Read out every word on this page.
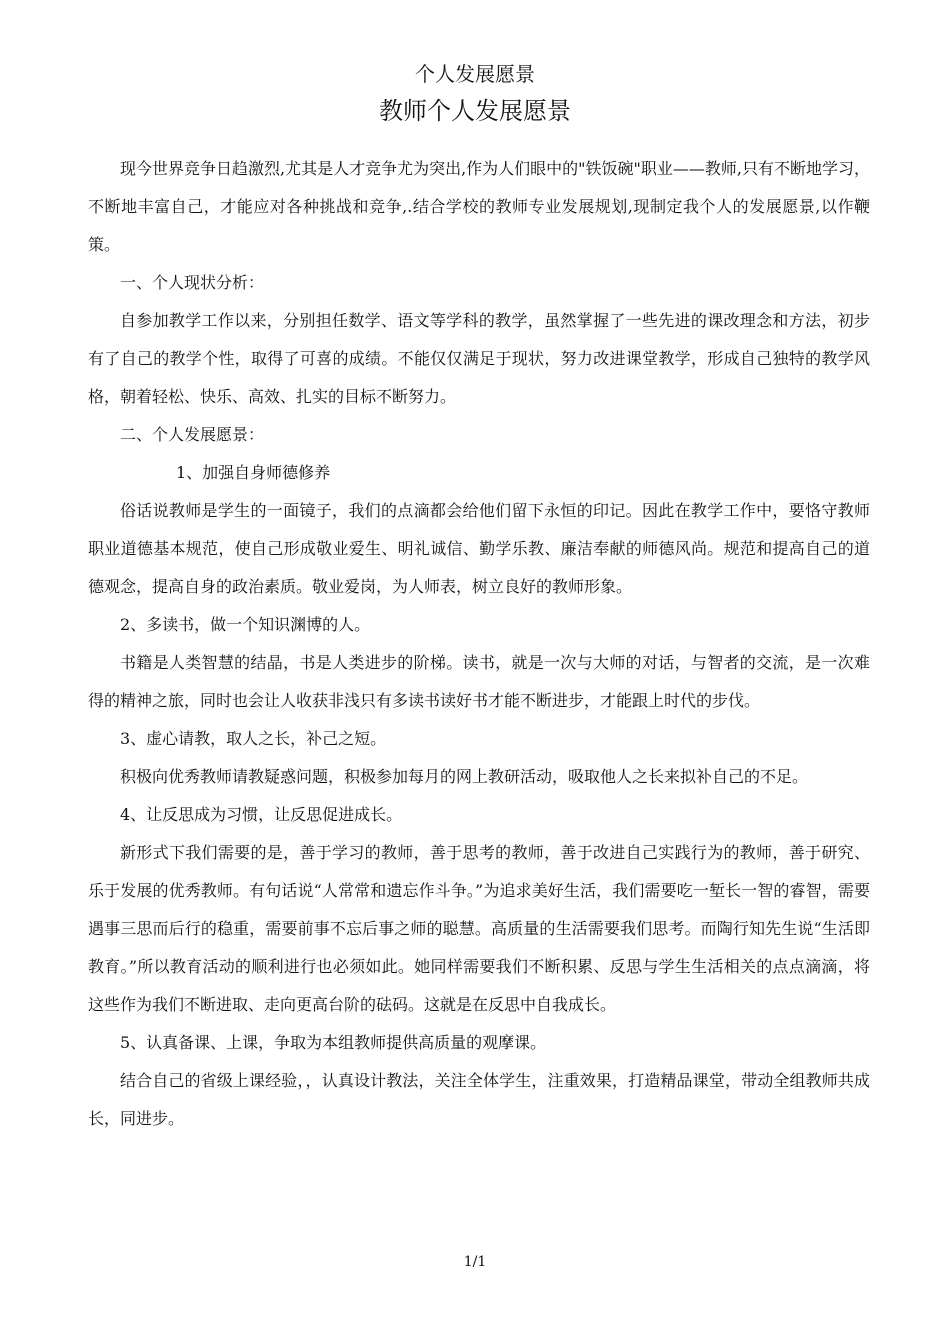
个人发展愿景
教师个人发展愿景

现今世界竞争日趋激烈,尤其是人才竞争尤为突出,作为人们眼中的"铁饭碗"职业——教师,只有不断地学习，不断地丰富自己，才能应对各种挑战和竞争,.结合学校的教师专业发展规划,现制定我个人的发展愿景,以作鞭策。

一、个人现状分析：

自参加教学工作以来，分别担任数学、语文等学科的教学，虽然掌握了一些先进的课改理念和方法，初步有了自己的教学个性，取得了可喜的成绩。不能仅仅满足于现状，努力改进课堂教学，形成自己独特的教学风格，朝着轻松、快乐、高效、扎实的目标不断努力。

二、个人发展愿景：

1、加强自身师德修养

俗话说教师是学生的一面镜子，我们的点滴都会给他们留下永恒的印记。因此在教学工作中，要恪守教师职业道德基本规范，使自己形成敬业爱生、明礼诚信、勤学乐教、廉洁奉献的师德风尚。规范和提高自己的道德观念，提高自身的政治素质。敬业爱岗，为人师表，树立良好的教师形象。

2、多读书，做一个知识渊博的人。

书籍是人类智慧的结晶，书是人类进步的阶梯。读书，就是一次与大师的对话，与智者的交流，是一次难得的精神之旅，同时也会让人收获非浅只有多读书读好书才能不断进步，才能跟上时代的步伐。

3、虚心请教，取人之长，补己之短。

积极向优秀教师请教疑惑问题，积极参加每月的网上教研活动，吸取他人之长来拟补自己的不足。

4、让反思成为习惯，让反思促进成长。

新形式下我们需要的是，善于学习的教师，善于思考的教师，善于改进自己实践行为的教师，善于研究、乐于发展的优秀教师。有句话说“人常常和遗忘作斗争。”为追求美好生活，我们需要吃一堑长一智的睿智，需要遇事三思而后行的稳重，需要前事不忘后事之师的聪慧。高质量的生活需要我们思考。而陶行知先生说“生活即教育。”所以教育活动的顺利进行也必须如此。她同样需要我们不断积累、反思与学生生活相关的点点滴滴，将这些作为我们不断进取、走向更高台阶的砝码。这就是在反思中自我成长。

5、认真备课、上课，争取为本组教师提供高质量的观摩课。

结合自己的省级上课经验，，认真设计教法，关注全体学生，注重效果，打造精品课堂，带动全组教师共成长，同进步。

1/1
